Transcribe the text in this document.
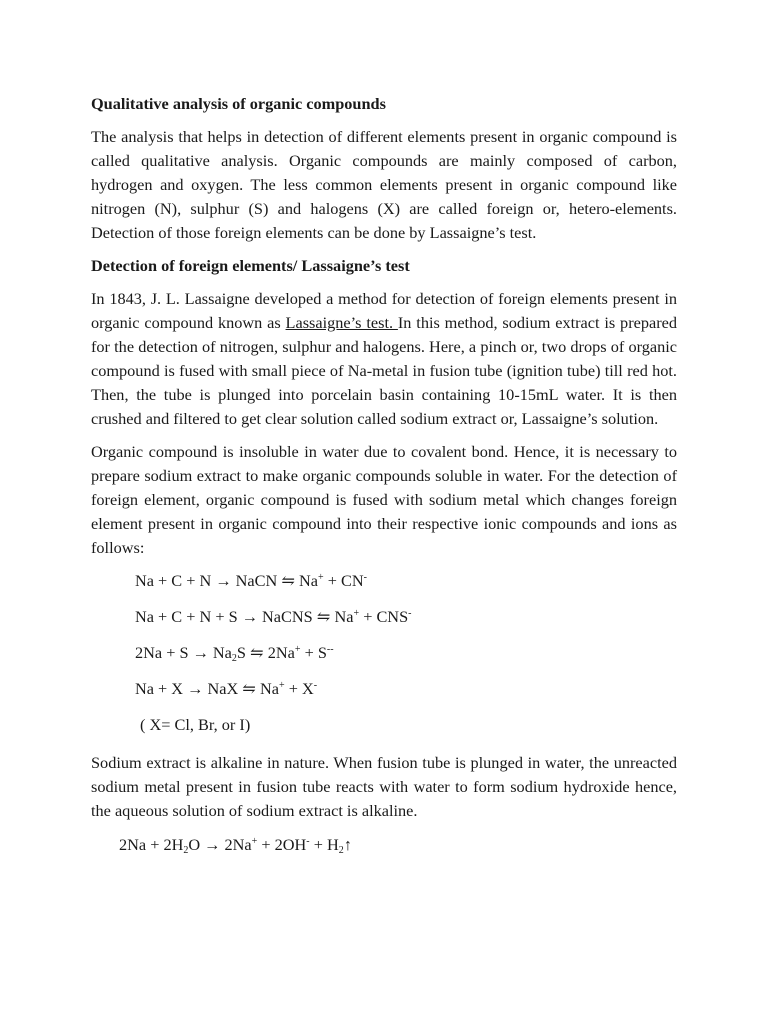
Qualitative analysis of organic compounds
The analysis that helps in detection of different elements present in organic compound is called qualitative analysis. Organic compounds are mainly composed of carbon, hydrogen and oxygen. The less common elements present in organic compound like nitrogen (N), sulphur (S) and halogens (X) are called foreign or, hetero-elements. Detection of those foreign elements can be done by Lassaigne’s test.
Detection of foreign elements/ Lassaigne’s test
In 1843, J. L. Lassaigne developed a method for detection of foreign elements present in organic compound known as Lassaigne’s test. In this method, sodium extract is prepared for the detection of nitrogen, sulphur and halogens. Here, a pinch or, two drops of organic compound is fused with small piece of Na-metal in fusion tube (ignition tube) till red hot. Then, the tube is plunged into porcelain basin containing 10-15mL water. It is then crushed and filtered to get clear solution called sodium extract or, Lassaigne’s solution.
Organic compound is insoluble in water due to covalent bond. Hence, it is necessary to prepare sodium extract to make organic compounds soluble in water. For the detection of foreign element, organic compound is fused with sodium metal which changes foreign element present in organic compound into their respective ionic compounds and ions as follows:
Na + C + N → NaCN ⇋ Na+ + CN-
Na + C + N + S → NaCNS ⇋ Na+ + CNS-
$2Na + S \to Na_2S$ ⇋ 2Na+ + S--
Na + X → NaX ⇋ Na+ + X-
( X= Cl, Br, or I)
Sodium extract is alkaline in nature. When fusion tube is plunged in water, the unreacted sodium metal present in fusion tube reacts with water to form sodium hydroxide hence, the aqueous solution of sodium extract is alkaline.
$2Na + 2H_2O \to 2Na^+ + 2OH^-$ + $H_2↑$
